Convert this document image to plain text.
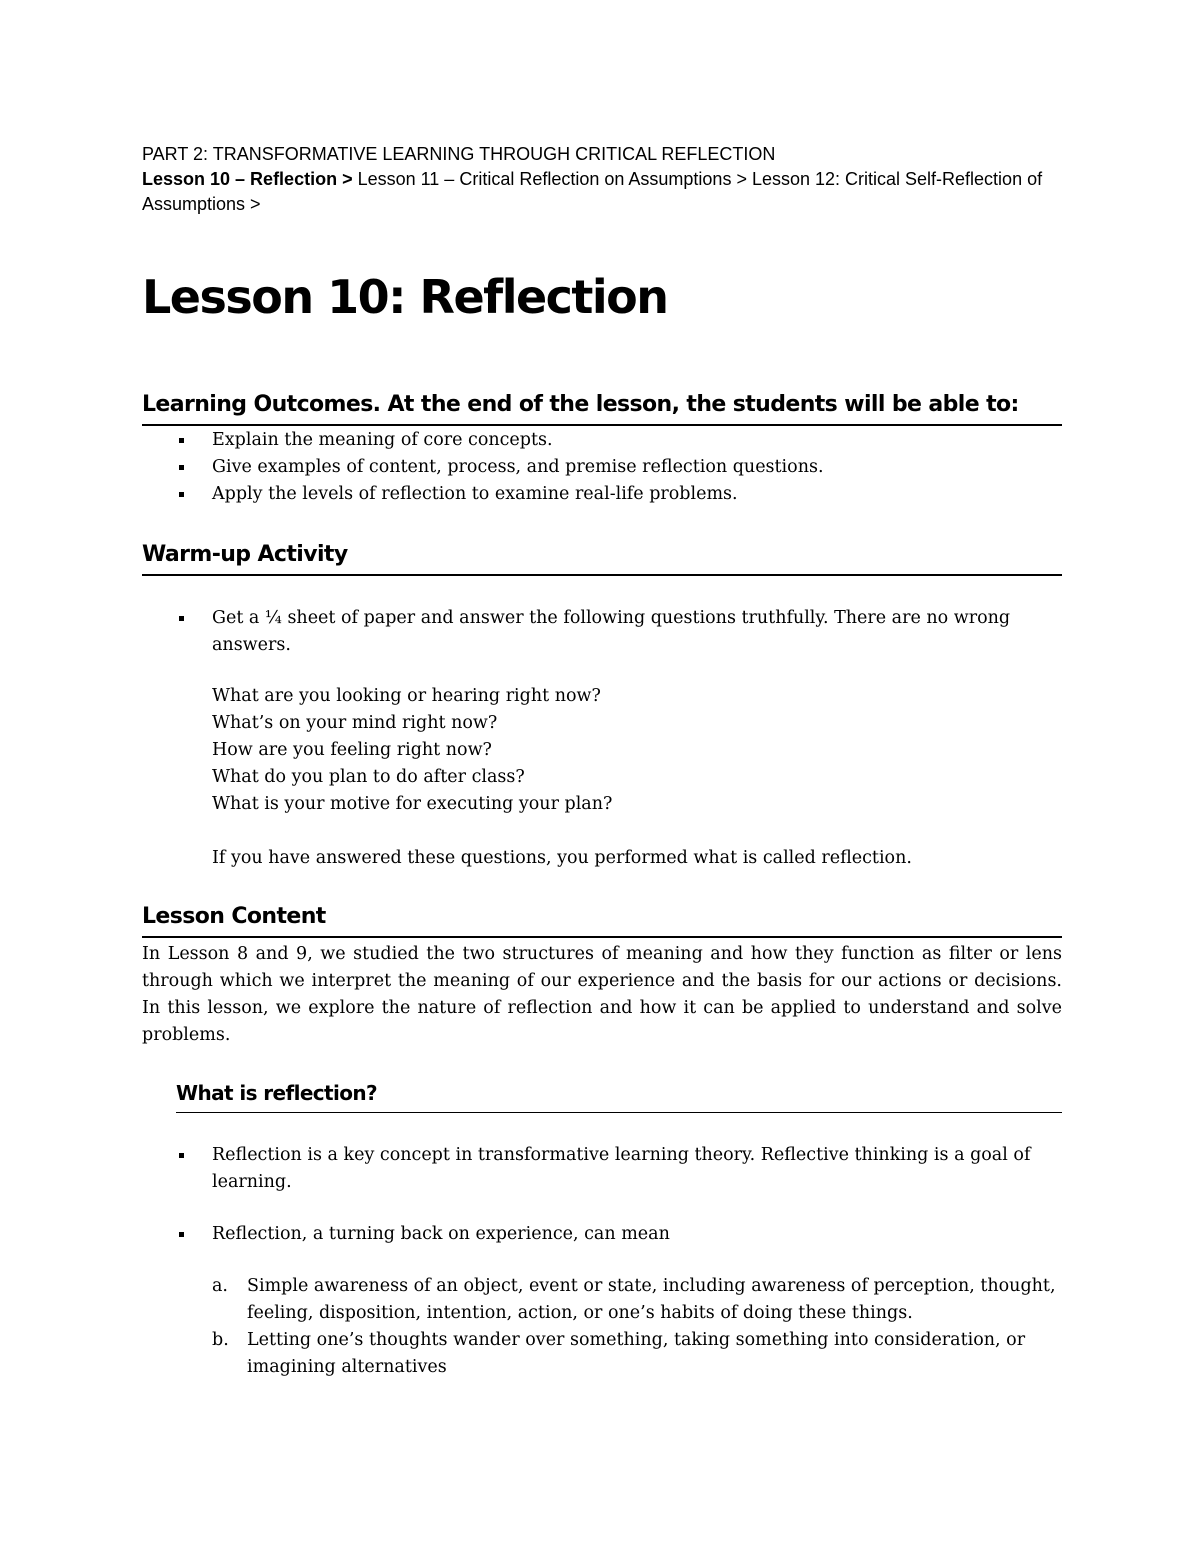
PART 2: TRANSFORMATIVE LEARNING THROUGH CRITICAL REFLECTION
Lesson 10 – Reflection > Lesson 11 – Critical Reflection on Assumptions > Lesson 12: Critical Self-Reflection of Assumptions >
Lesson 10: Reflection
Learning Outcomes. At the end of the lesson, the students will be able to:
Explain the meaning of core concepts.
Give examples of content, process, and premise reflection questions.
Apply the levels of reflection to examine real-life problems.
Warm-up Activity
Get a ¼ sheet of paper and answer the following questions truthfully. There are no wrong answers.
What are you looking or hearing right now?
What’s on your mind right now?
How are you feeling right now?
What do you plan to do after class?
What is your motive for executing your plan?
If you have answered these questions, you performed what is called reflection.
Lesson Content
In Lesson 8 and 9, we studied the two structures of meaning and how they function as filter or lens through which we interpret the meaning of our experience and the basis for our actions or decisions. In this lesson, we explore the nature of reflection and how it can be applied to understand and solve problems.
What is reflection?
Reflection is a key concept in transformative learning theory. Reflective thinking is a goal of learning.
Reflection, a turning back on experience, can mean
a. Simple awareness of an object, event or state, including awareness of perception, thought, feeling, disposition, intention, action, or one’s habits of doing these things.
b. Letting one’s thoughts wander over something, taking something into consideration, or imagining alternatives
